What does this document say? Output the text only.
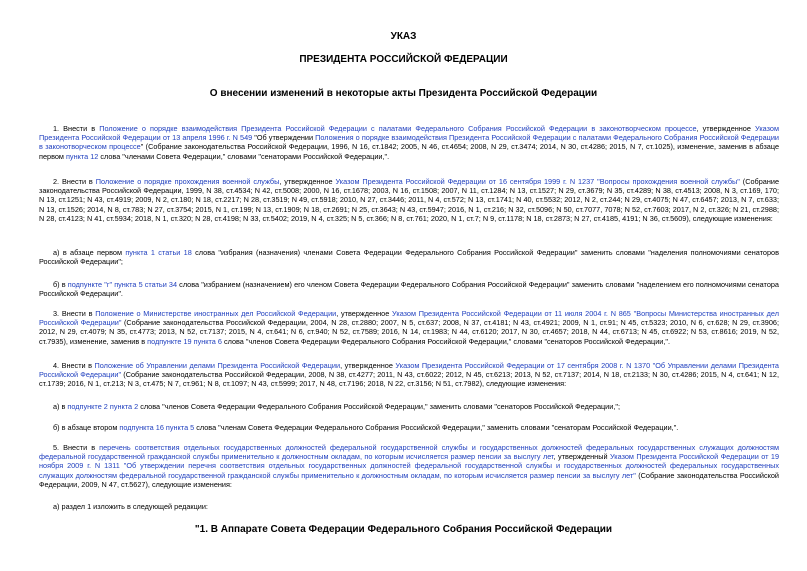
УКАЗ
ПРЕЗИДЕНТА РОССИЙСКОЙ ФЕДЕРАЦИИ
О внесении изменений в некоторые акты Президента Российской Федерации
1. Внести в Положение о порядке взаимодействия Президента Российской Федерации с палатами Федерального Собрания Российской Федерации в законотворческом процессе, утвержденное Указом Президента Российской Федерации от 13 апреля 1996 г. N 549 "Об утверждении Положения о порядке взаимодействия Президента Российской Федерации с палатами Федерального Собрания Российской Федерации в законотворческом процессе" (Собрание законодательства Российской Федерации, 1996, N 16, ст.1842; 2005, N 46, ст.4654; 2008, N 29, ст.3474; 2014, N 30, ст.4286; 2015, N 7, ст.1025), изменение, заменив в абзаце первом пункта 12 слова "членами Совета Федерации," словами "сенаторами Российской Федерации,".
2. Внести в Положение о порядке прохождения военной службы, утвержденное Указом Президента Российской Федерации от 16 сентября 1999 г. N 1237 "Вопросы прохождения военной службы" (Собрание законодательства Российской Федерации, 1999, N 38, ст.4534; N 42, ст.5008; 2000, N 16, ст.1678; 2003, N 16, ст.1508; 2007, N 11, ст.1284; N 13, ст.1527; N 29, ст.3679; N 35, ст.4289; N 38, ст.4513; 2008, N 3, ст.169, 170; N 13, ст.1251; N 43, ст.4919; 2009, N 2, ст.180; N 18, ст.2217; N 28, ст.3519; N 49, ст.5918; 2010, N 27, ст.3446; 2011, N 4, ст.572; N 13, ст.1741; N 40, ст.5532; 2012, N 2, ст.244; N 29, ст.4075; N 47, ст.6457; 2013, N 7, ст.633; N 13, ст.1526; 2014, N 8, ст.783; N 27, ст.3754; 2015, N 1, ст.199; N 13, ст.1909; N 18, ст.2691; N 25, ст.3643; N 43, ст.5947; 2016, N 1, ст.216; N 32, ст.5096; N 50, ст.7077, 7078; N 52, ст.7603; 2017, N 2, ст.326; N 21, ст.2988; N 28, ст.4123; N 41, ст.5934; 2018, N 1, ст.320; N 28, ст.4198; N 33, ст.5402; 2019, N 4, ст.325; N 5, ст.366; N 8, ст.761; 2020, N 1, ст.7; N 9, ст.1178; N 18, ст.2873; N 27, ст.4185, 4191; N 36, ст.5609), следующие изменения:
а) в абзаце первом пункта 1 статьи 18 слова "избрания (назначения) членами Совета Федерации Федерального Собрания Российской Федерации" заменить словами "наделения полномочиями сенаторов Российской Федерации";
б) в подпункте "г" пункта 5 статьи 34 слова "избранием (назначением) его членом Совета Федерации Федерального Собрания Российской Федерации" заменить словами "наделением его полномочиями сенатора Российской Федерации".
3. Внести в Положение о Министерстве иностранных дел Российской Федерации, утвержденное Указом Президента Российской Федерации от 11 июля 2004 г. N 865 "Вопросы Министерства иностранных дел Российской Федерации" (Собрание законодательства Российской Федерации, 2004, N 28, ст.2880; 2007, N 5, ст.637; 2008, N 37, ст.4181; N 43, ст.4921; 2009, N 1, ст.91; N 45, ст.5323; 2010, N 6, ст.628; N 29, ст.3906; 2012, N 29, ст.4079; N 35, ст.4773; 2013, N 52, ст.7137; 2015, N 4, ст.641; N 6, ст.940; N 52, ст.7589; 2016, N 14, ст.1983; N 44, ст.6120; 2017, N 30, ст.4657; 2018, N 44, ст.6713; N 45, ст.6922; N 53, ст.8616; 2019, N 52, ст.7935), изменение, заменив в подпункте 19 пункта 6 слова "членов Совета Федерации Федерального Собрания Российской Федерации," словами "сенаторов Российской Федерации,".
4. Внести в Положение об Управлении делами Президента Российской Федерации, утвержденное Указом Президента Российской Федерации от 17 сентября 2008 г. N 1370 "Об Управлении делами Президента Российской Федерации" (Собрание законодательства Российской Федерации, 2008, N 38, ст.4277; 2011, N 43, ст.6022; 2012, N 45, ст.6213; 2013, N 52, ст.7137; 2014, N 18, ст.2133; N 30, ст.4286; 2015, N 4, ст.641; N 12, ст.1739; 2016, N 1, ст.213; N 3, ст.475; N 7, ст.961; N 8, ст.1097; N 43, ст.5999; 2017, N 48, ст.7196; 2018, N 22, ст.3156; N 51, ст.7982), следующие изменения:
а) в подпункте 2 пункта 2 слова "членов Совета Федерации Федерального Собрания Российской Федерации," заменить словами "сенаторов Российской Федерации,";
б) в абзаце втором подпункта 16 пункта 5 слова "членам Совета Федерации Федерального Собрания Российской Федерации," заменить словами "сенаторам Российской Федерации,".
5. Внести в перечень соответствия отдельных государственных должностей федеральной государственной службы и государственных должностей федеральных государственных служащих должностям федеральной государственной гражданской службы применительно к должностным окладам, по которым исчисляется размер пенсии за выслугу лет, утвержденный Указом Президента Российской Федерации от 19 ноября 2009 г. N 1311 "Об утверждении перечня соответствия отдельных государственных должностей федеральной государственной службы и государственных должностей федеральных государственных служащих должностям федеральной государственной гражданской службы применительно к должностным окладам, по которым исчисляется размер пенсии за выслугу лет" (Собрание законодательства Российской Федерации, 2009, N 47, ст.5627), следующие изменения:
а) раздел 1 изложить в следующей редакции:
"1. В Аппарате Совета Федерации Федерального Собрания Российской Федерации
